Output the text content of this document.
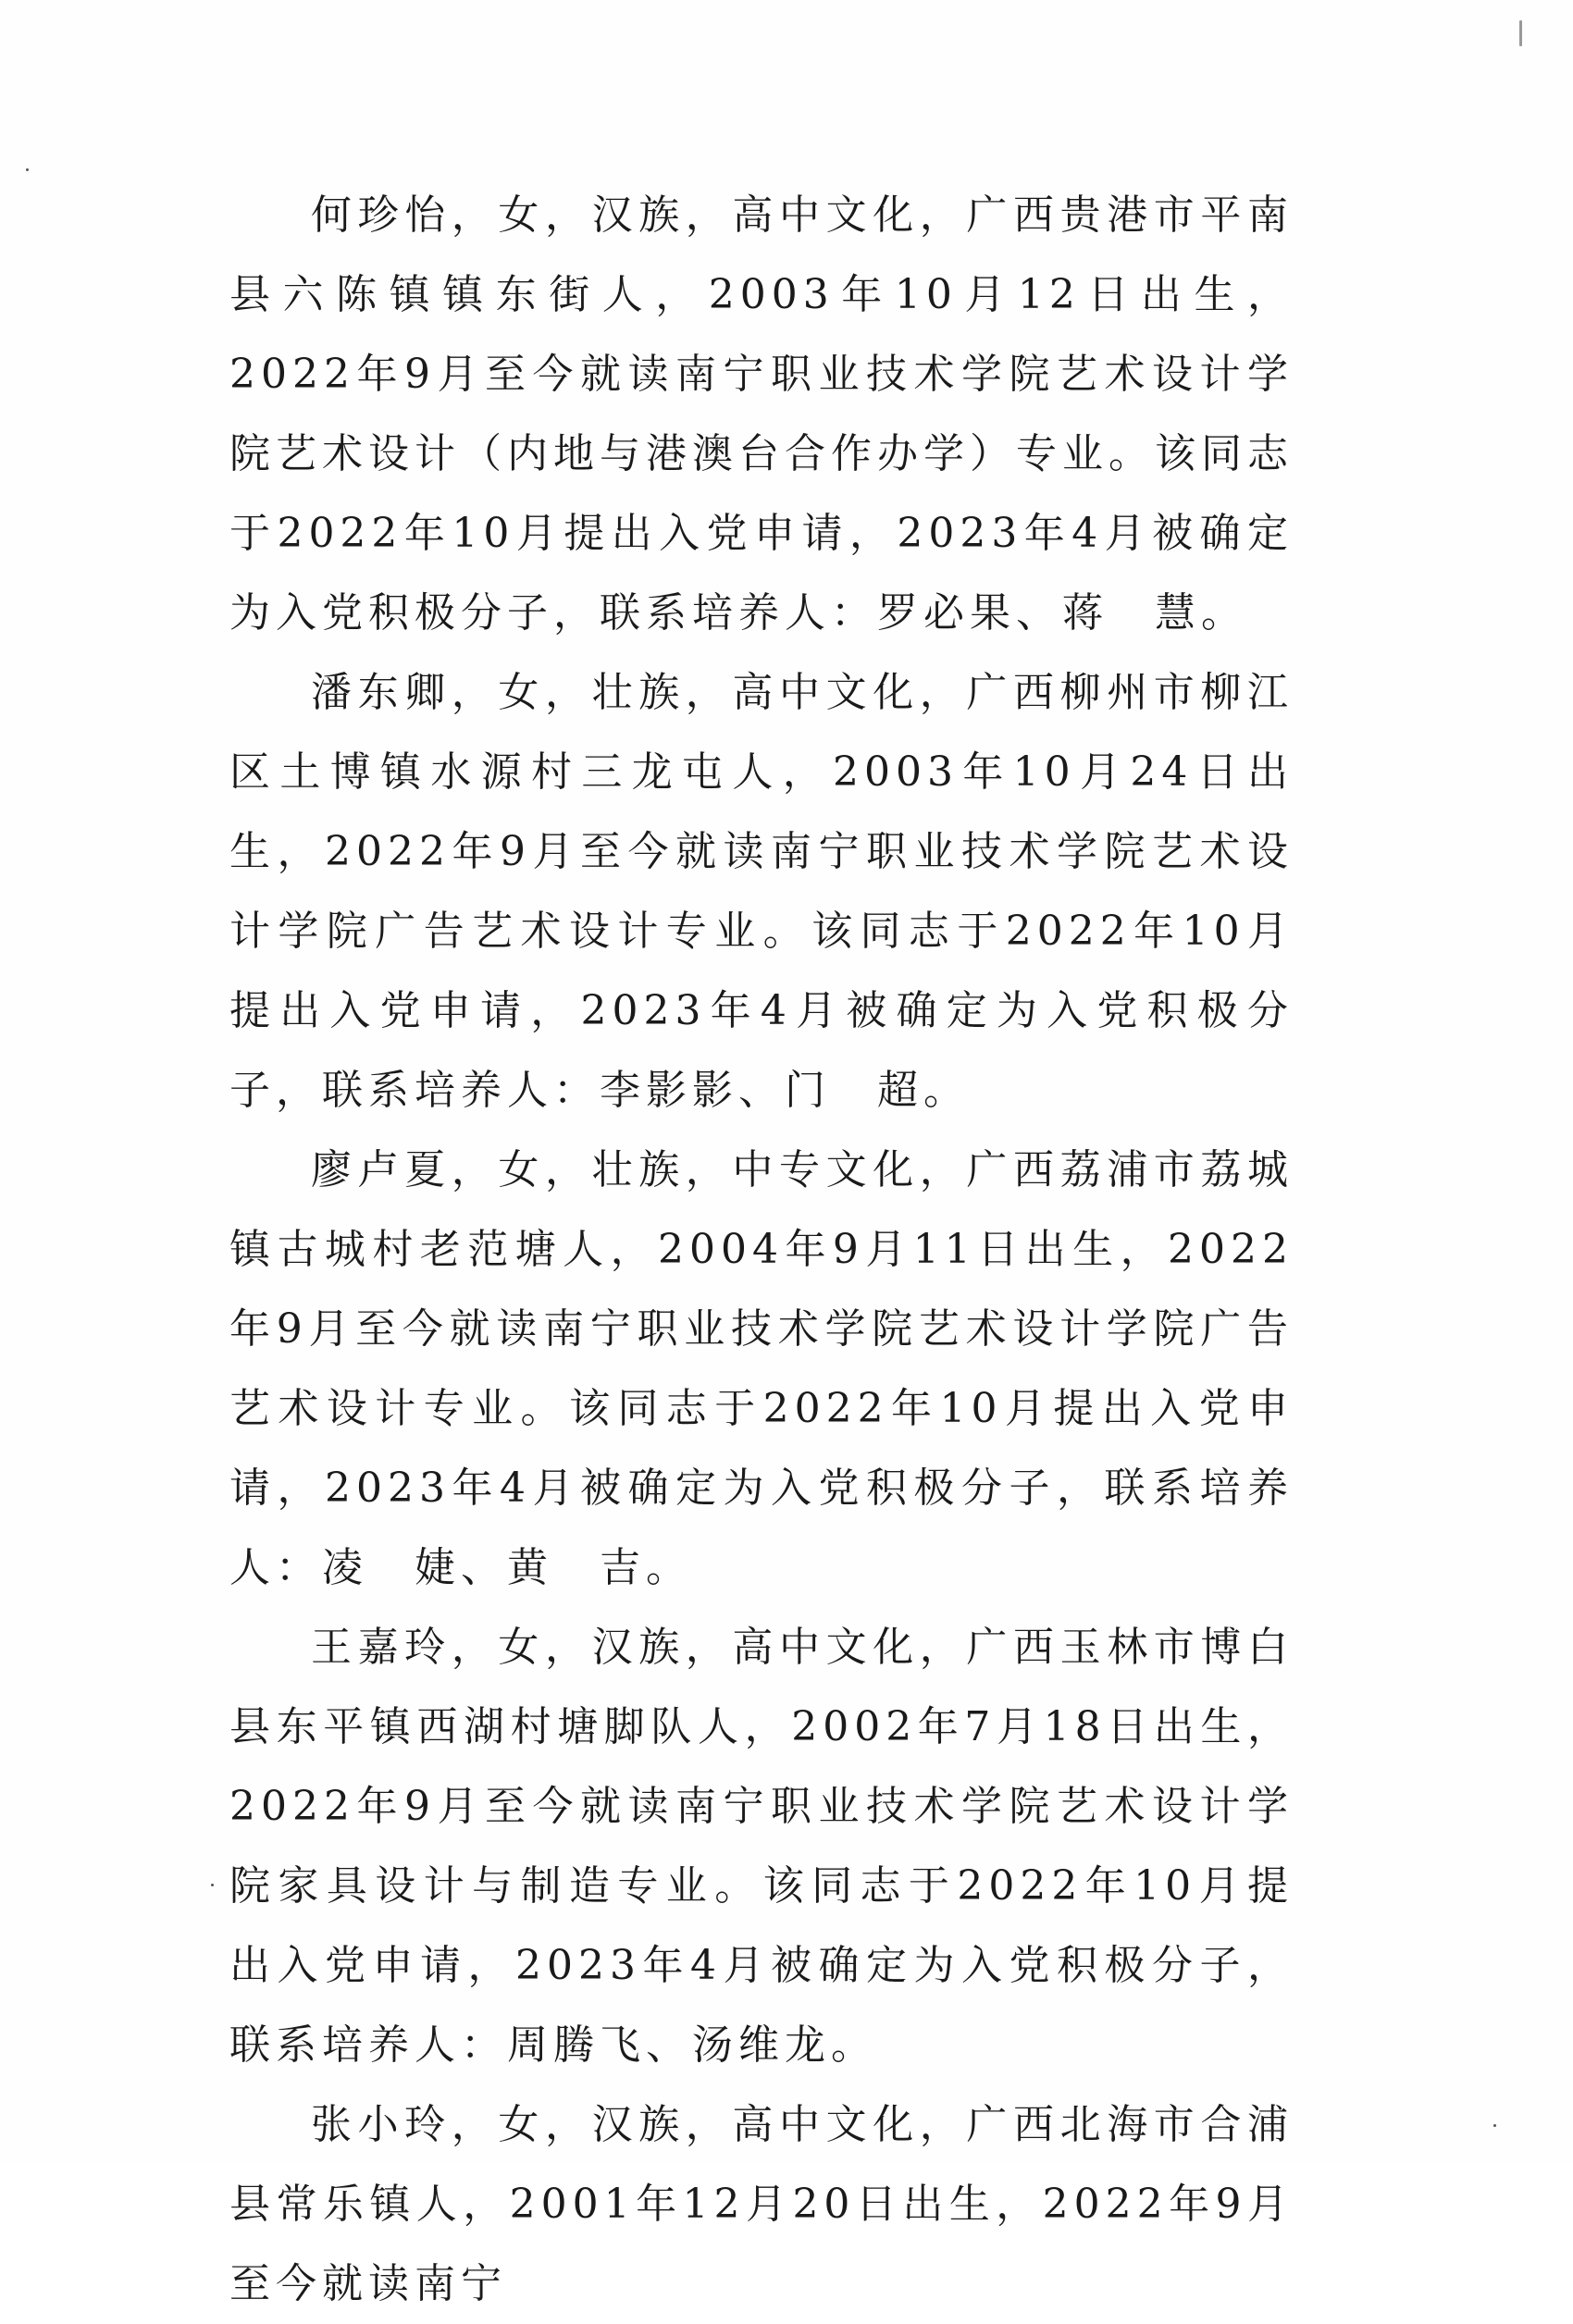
何珍怡，女，汉族，高中文化，广西贵港市平南县六陈镇镇东街人，2003年10月12日出生，2022年9月至今就读南宁职业技术学院艺术设计学院艺术设计（内地与港澳台合作办学）专业。该同志于2022年10月提出入党申请，2023年4月被确定为入党积极分子，联系培养人：罗必果、蒋　慧。

潘东卿，女，壮族，高中文化，广西柳州市柳江区土博镇水源村三龙屯人，2003年10月24日出生，2022年9月至今就读南宁职业技术学院艺术设计学院广告艺术设计专业。该同志于2022年10月提出入党申请，2023年4月被确定为入党积极分子，联系培养人：李影影、门　超。

廖卢夏，女，壮族，中专文化，广西荔浦市荔城镇古城村老范塘人，2004年9月11日出生，2022年9月至今就读南宁职业技术学院艺术设计学院广告艺术设计专业。该同志于2022年10月提出入党申请，2023年4月被确定为入党积极分子，联系培养人：凌　婕、黄　吉。

王嘉玲，女，汉族，高中文化，广西玉林市博白县东平镇西湖村塘脚队人，2002年7月18日出生，2022年9月至今就读南宁职业技术学院艺术设计学院家具设计与制造专业。该同志于2022年10月提出入党申请，2023年4月被确定为入党积极分子，联系培养人：周腾飞、汤维龙。

张小玲，女，汉族，高中文化，广西北海市合浦县常乐镇人，2001年12月20日出生，2022年9月至今就读南宁
